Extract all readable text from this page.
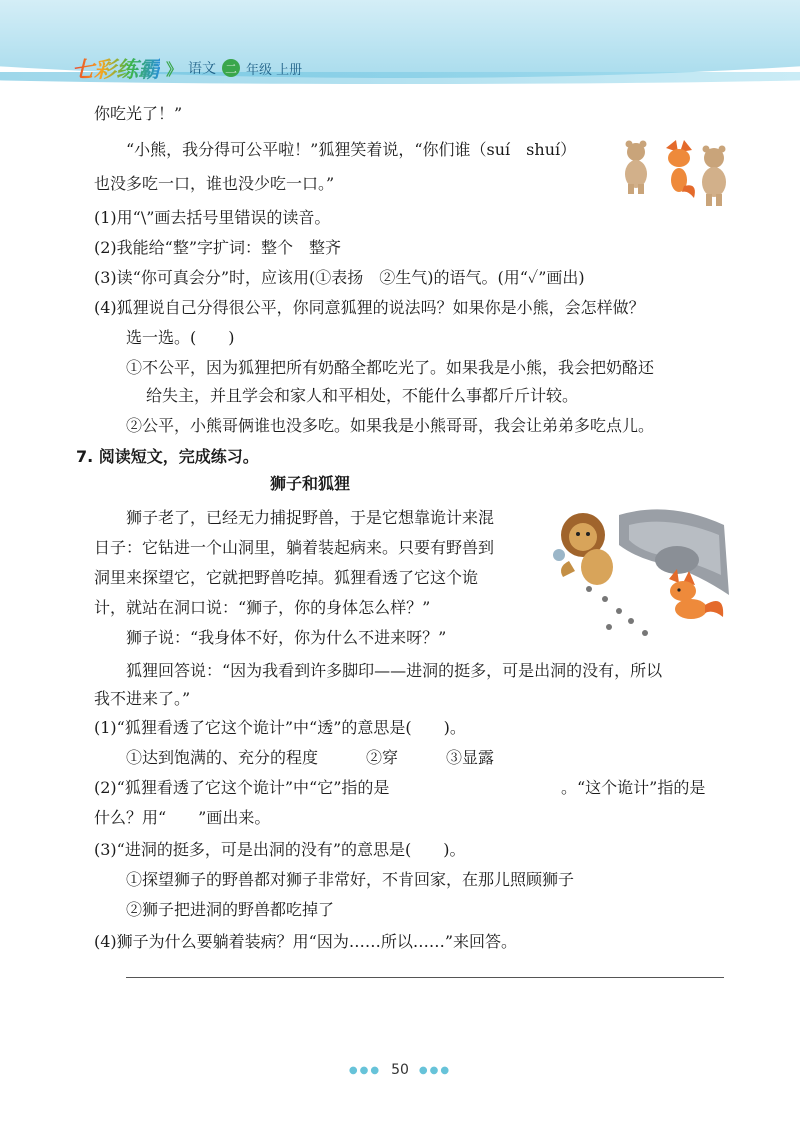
七彩练霸 》 语文 二 年级 上册
你吃光了！”
“小熊，我分得可公平啦！”狐狸笑着说，“你们谁（suí　shuí）
也没多吃一口，谁也没少吃一口。”
(1)用“\”画去括号里错误的读音。
(2)我能给“整”字扩词：整个　整齐
(3)读“你可真会分”时，应该用(①表扬　②生气)的语气。(用“✓”画出)
(4)狐狸说自己分得很公平，你同意狐狸的说法吗？如果你是小熊，会怎样做？
选一选。(　　)
①不公平，因为狐狸把所有奶酪全都吃光了。如果我是小熊，我会把奶酪还
给失主，并且学会和家人和平相处，不能什么事都斤斤计较。
②公平，小熊哥俩谁也没多吃。如果我是小熊哥哥，我会让弟弟多吃点儿。
7. 阅读短文，完成练习。
狮子和狐狸
狮子老了，已经无力捕捉野兽，于是它想靠诡计来混
日子：它钻进一个山洞里，躺着装起病来。只要有野兽到
洞里来探望它，它就把野兽吃掉。狐狸看透了它这个诡
计，就站在洞口说：“狮子，你的身体怎么样？”
狮子说：“我身体不好，你为什么不进来呀？”
狐狸回答说：“因为我看到许多脚印——进洞的挺多，可是出洞的没有，所以
我不进来了。”
(1)“狐狸看透了它这个诡计”中“透”的意思是(　　)。
①达到饱满的、充分的程度　　　②穿　　　③显露
(2)“狐狸看透了它这个诡计”中“它”指的是	。“这个诡计”指的是
什么？用“　　”画出来。
(3)“进洞的挺多，可是出洞的没有”的意思是(　　)。
①探望狮子的野兽都对狮子非常好，不肯回家，在那儿照顾狮子
②狮子把进洞的野兽都吃掉了
(4)狮子为什么要躺着装病？用“因为……所以……”来回答。
●●● 50 ●●●
